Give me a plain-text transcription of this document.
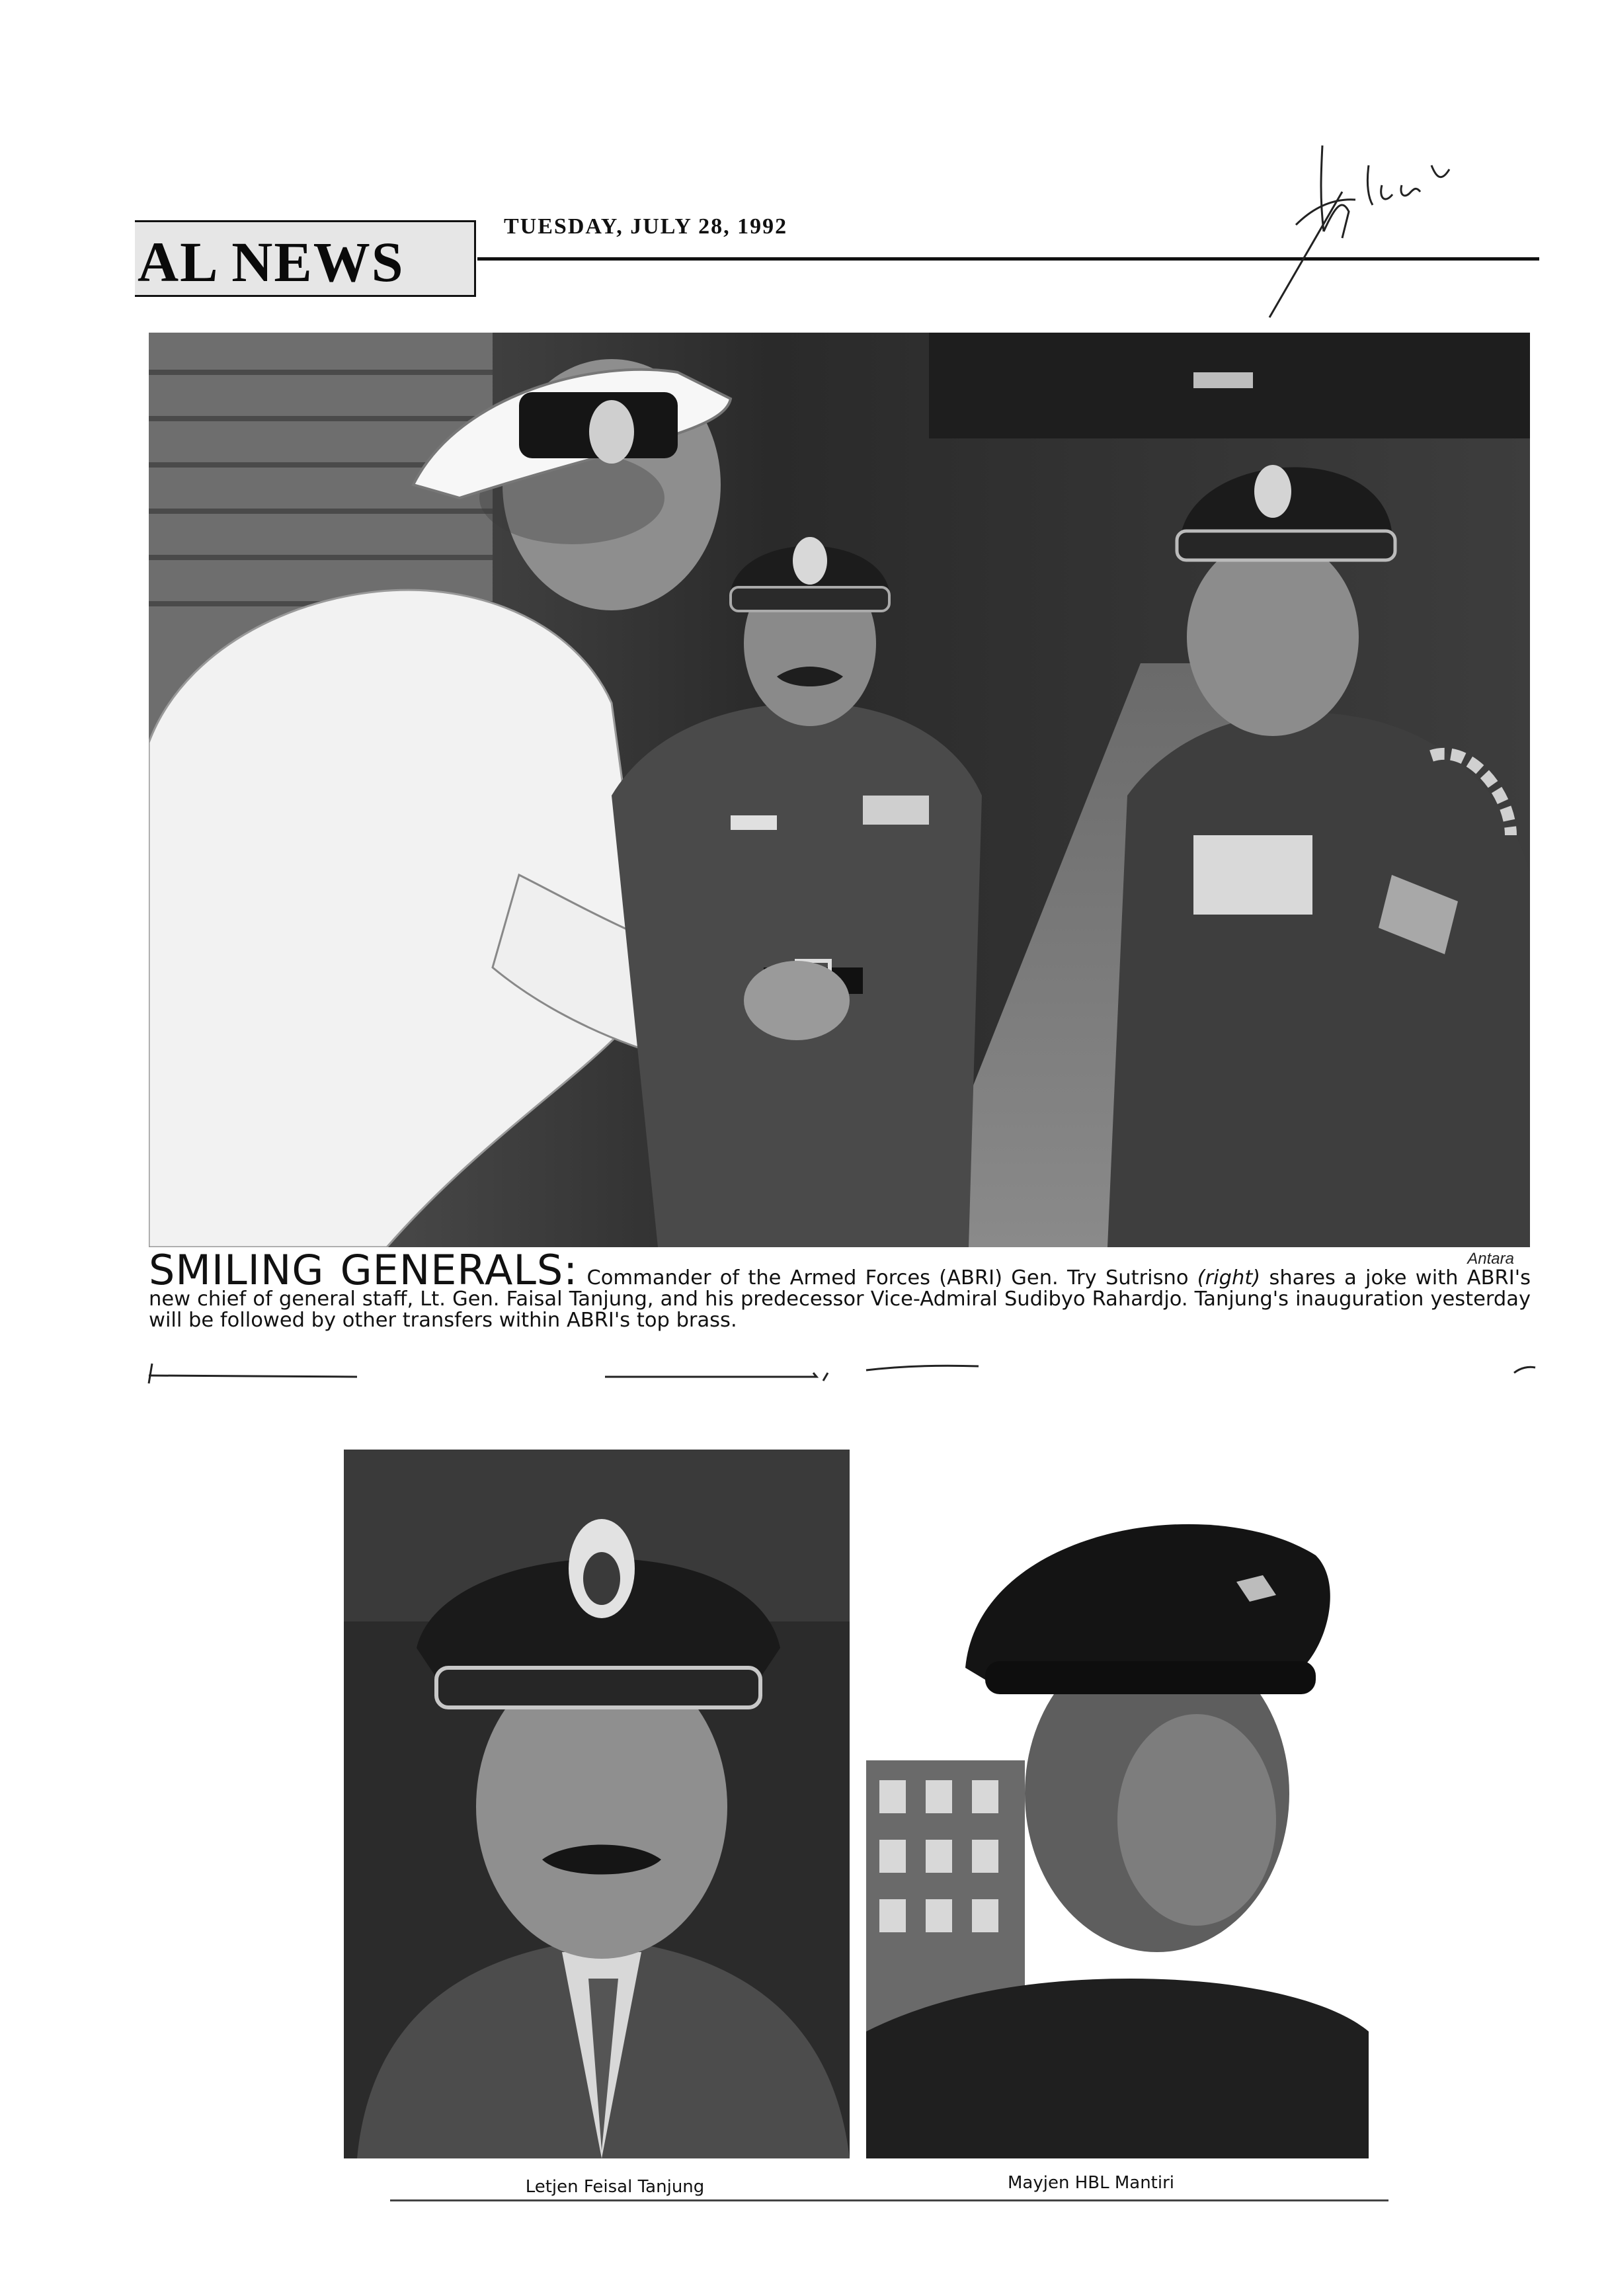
AL NEWS
TUESDAY, JULY 28, 1992
Antara
SMILING GENERALS: Commander of the Armed Forces (ABRI) Gen. Try Sutrisno (right) shares a joke with ABRI's new chief of general staff, Lt. Gen. Faisal Tanjung, and his predecessor Vice-Admiral Sudibyo Rahardjo. Tanjung's inauguration yesterday will be followed by other transfers within ABRI's top brass.
Letjen Feisal Tanjung	Mayjen HBL Mantiri
